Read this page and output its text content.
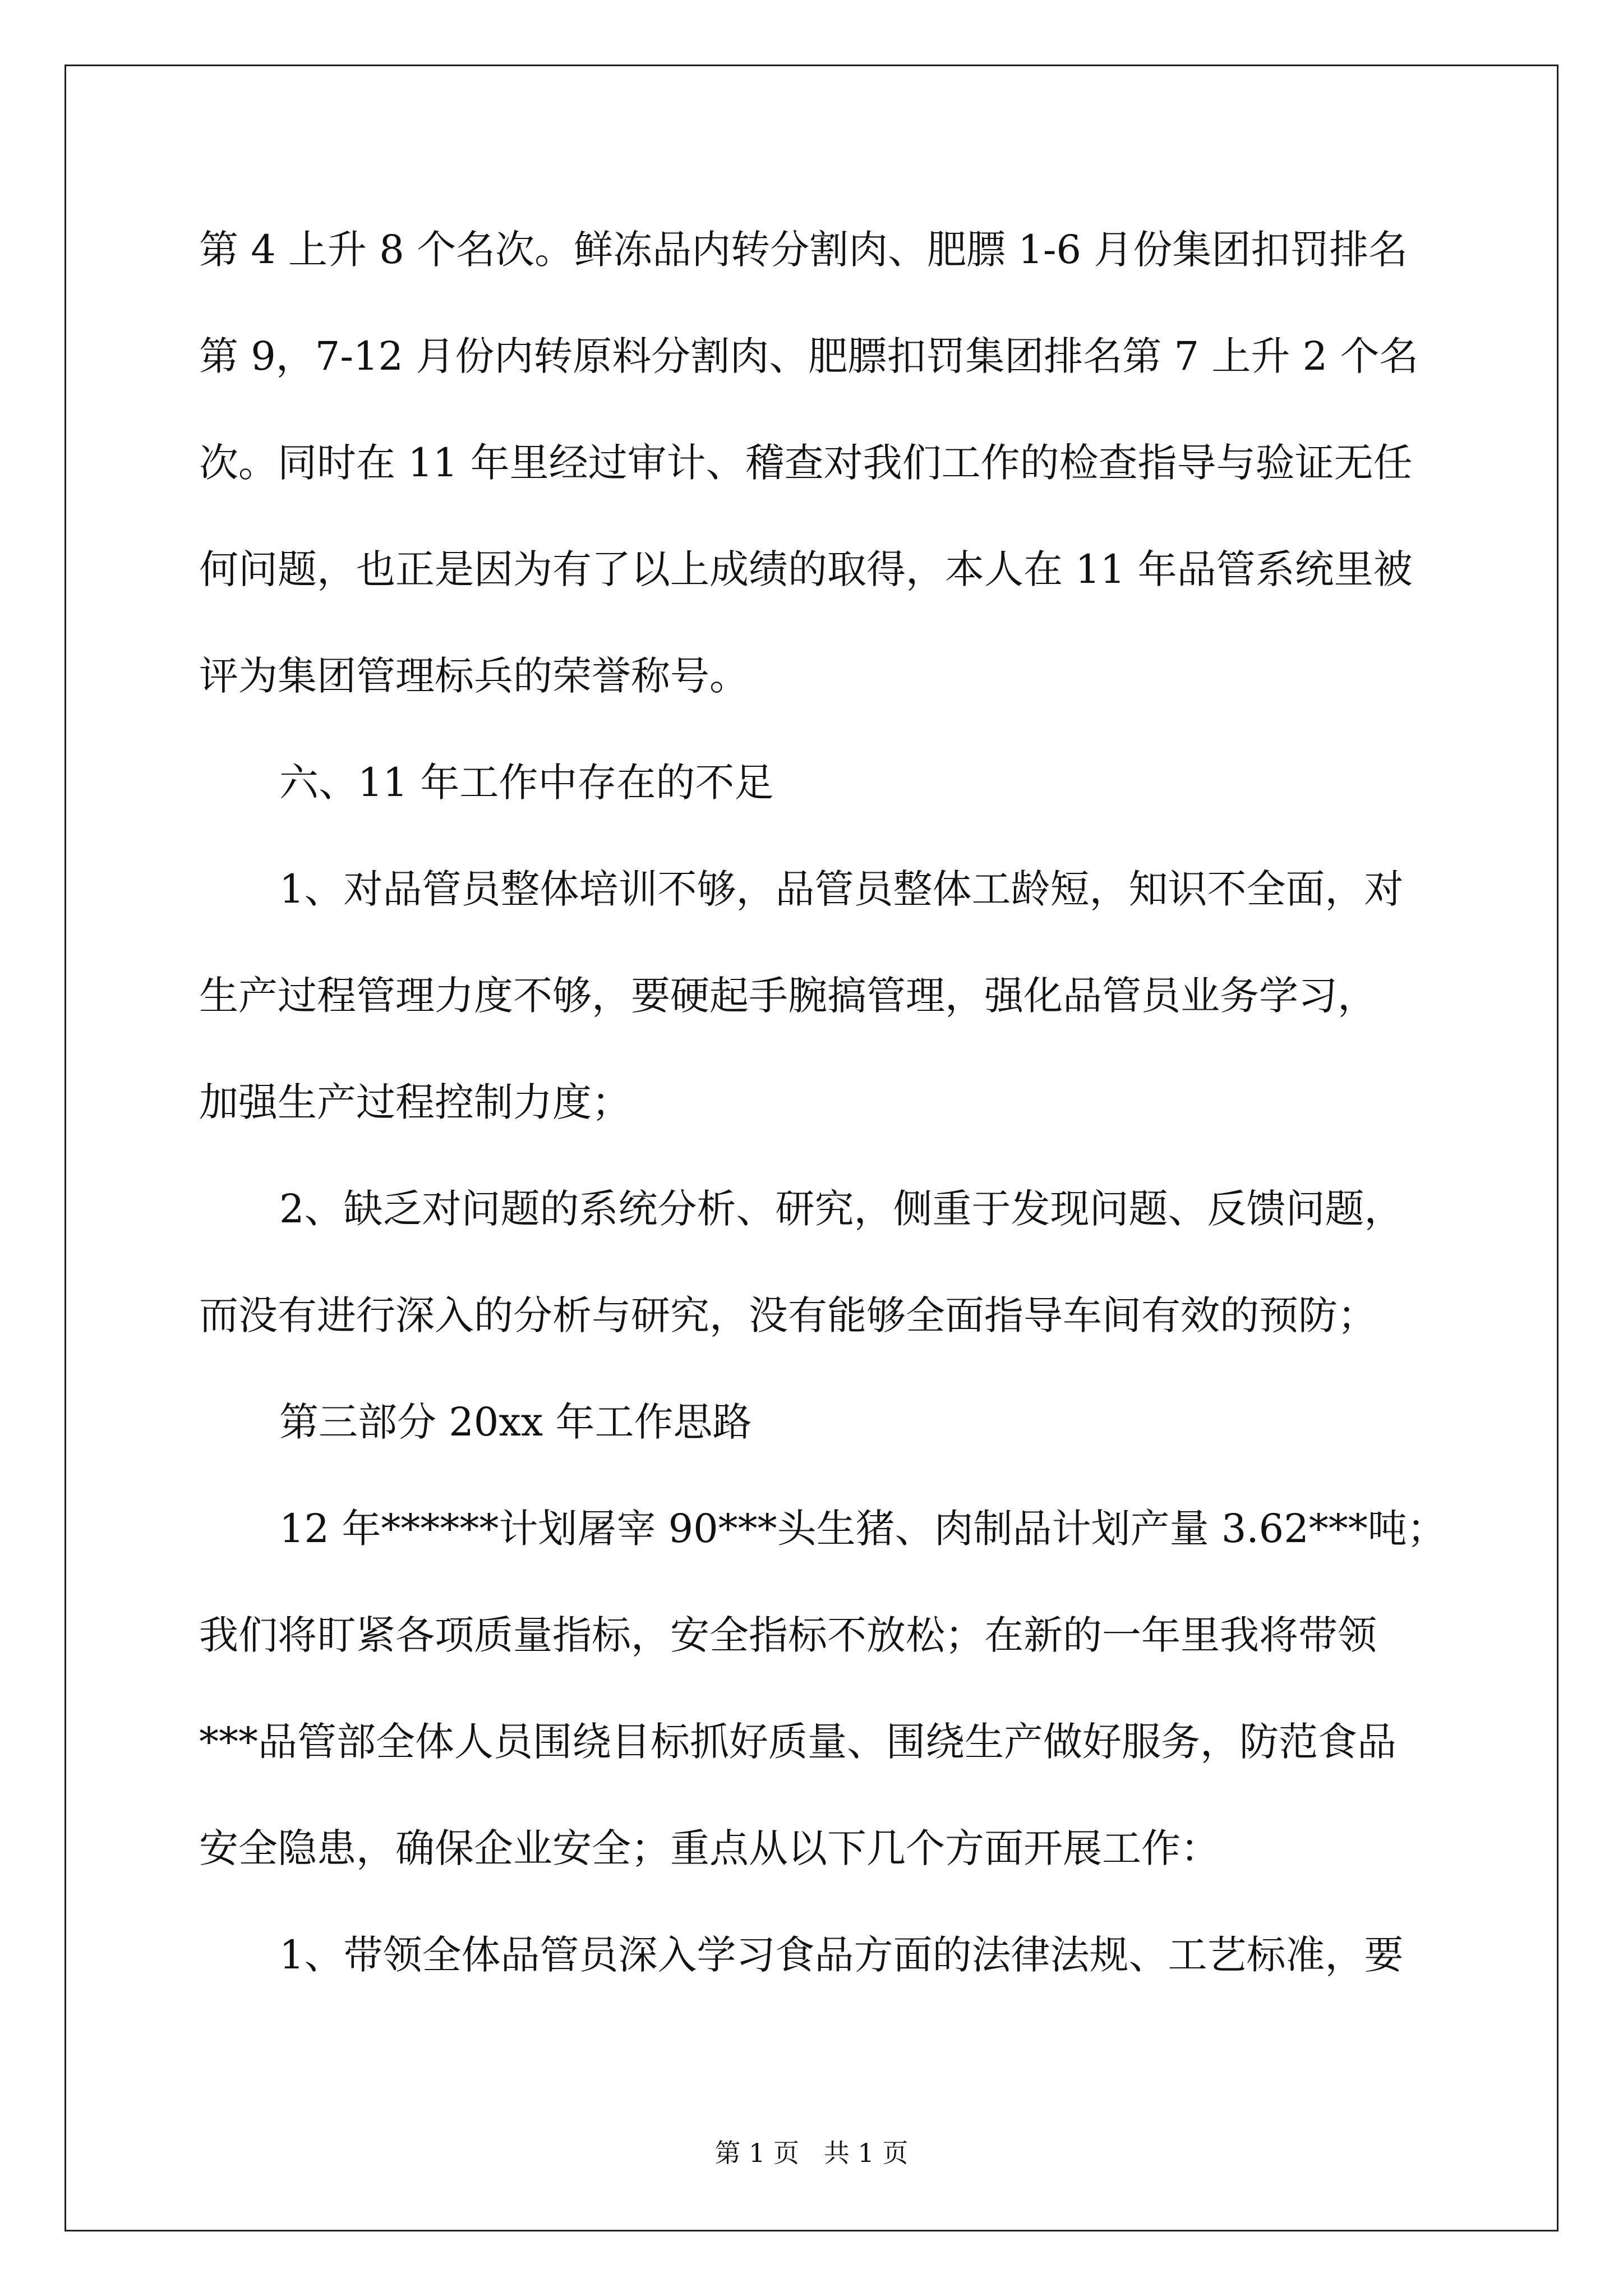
第 4 上升 8 个名次。鲜冻品内转分割肉、肥膘 1-6 月份集团扣罚排名
第 9，7-12 月份内转原料分割肉、肥膘扣罚集团排名第 7 上升 2 个名
次。同时在 11 年里经过审计、稽查对我们工作的检查指导与验证无任
何问题，也正是因为有了以上成绩的取得，本人在 11 年品管系统里被
评为集团管理标兵的荣誉称号。
六、11 年工作中存在的不足
1、对品管员整体培训不够，品管员整体工龄短，知识不全面，对
生产过程管理力度不够，要硬起手腕搞管理，强化品管员业务学习，
加强生产过程控制力度；
2、缺乏对问题的系统分析、研究，侧重于发现问题、反馈问题，
而没有进行深入的分析与研究，没有能够全面指导车间有效的预防；
第三部分 20xx 年工作思路
12 年******计划屠宰 90***头生猪、肉制品计划产量 3.62***吨；
我们将盯紧各项质量指标，安全指标不放松；在新的一年里我将带领
***品管部全体人员围绕目标抓好质量、围绕生产做好服务，防范食品
安全隐患，确保企业安全；重点从以下几个方面开展工作：
1、带领全体品管员深入学习食品方面的法律法规、工艺标准，要
第 1 页   共 1 页
